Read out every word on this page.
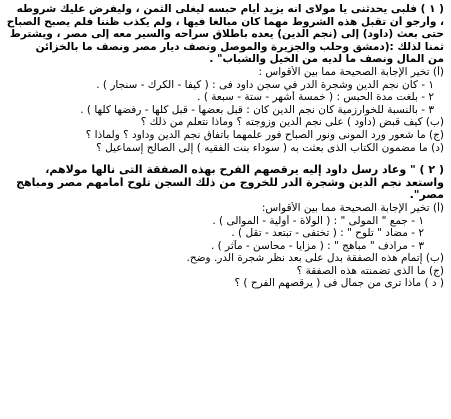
( ١ ) فلبى يحدثنى يا مولاى انه يزيد أيام حبسه ليغلى الثمن ، وليفرض عليك شروطه
، وأرجو أن تقبل هذه الشروط مهما كان مبالغا فيها ، ولم يكذب ظننا فلم يصبح الصباح
حتى بعث (داود) إلى (نجم الدين) يعده باطلاق سراحه والسير معه إلى مصر ، ويشترط
ثمنا لذلك :(دمشق وحلب والجزيرة والموصل ونصف ديار مصر ونصف ما بالخزائن
من المال ونصف ما لديه من الخيل والشباب" .
(أ) تخير الإجابة الصحيحة مما بين الأقواس :
١ - كان نجم الدين وشجرة الدر في سجن داود فى : ( كيفا - الكرك - سنجار ) .
٢ - بلغت مدة الحبس : ( خمسة أشهر - ستة - سبعة ) .
٣ - بالنسبة للخوارزمية كان نجم الدين كان : قبل بعضها - قبل كلها - رفضها كلها ) .
(ب) كيف قبض (داود ) على نجم الدين وزوجته ؟ وماذا نتعلم من ذلك ؟
(ج) ما شعور ورد المونى ونور الصباح فور علمهما باتفاق نجم الدين وداود ؟ ولماذا ؟
(د) ما مضمون الكتاب الذى بعثت به ( سوداء بنت الفقيه ) إلى الصالح إسماعيل ؟
( ٢ ) " وعاد رسل داود إليه يرقصهم الفرح بهذه الصفقة التى نالها مولاهم،
واستعد نجم الدين وشجرة الدر للخروج من ذلك السجن تلوح أمامهم مصر ومباهج
مصر".
(أ) تخير الإجابة الصحيحة مما بين الأقواس:
١ - جمع " المولى " : ( الولاة - أولية - الموالى ) .
٢ - مضاد " تلوح " : ( تختفى - تبتعد - تقل ) .
٣ - مرادف " مباهج " : ( مزايا - محاسن - مآثر ) .
(ب) إتمام هذه الصفقة بدل على بعد نظر شجرة الدر. وضح.
(ج) ما الذى تضمنته هذه الصفقة ؟
( د ) ماذا ترى من جمال فى ( يرقصهم الفرح ) ؟
